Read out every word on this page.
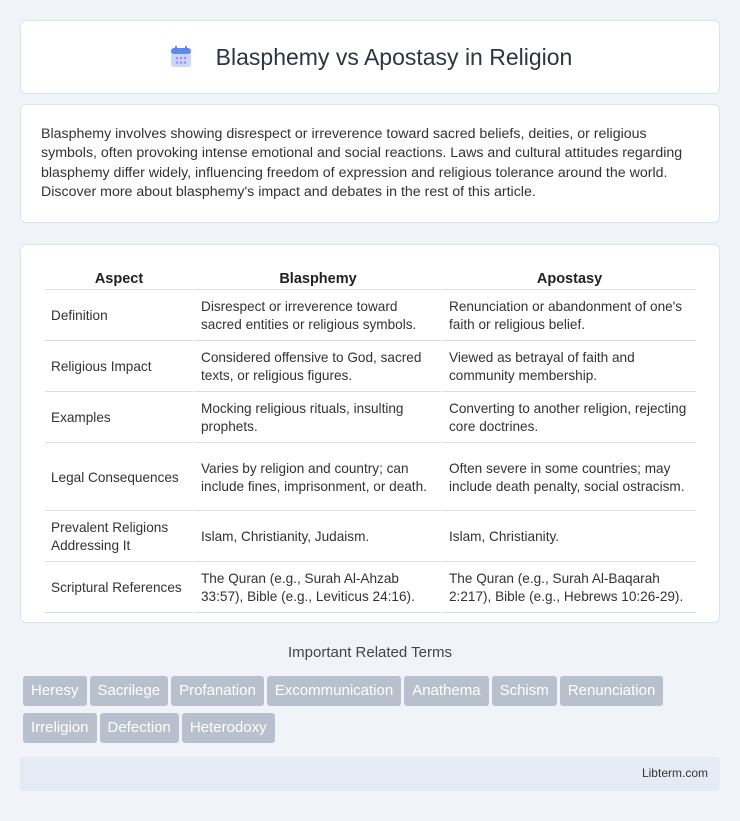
Blasphemy vs Apostasy in Religion

Blasphemy involves showing disrespect or irreverence toward sacred beliefs, deities, or religious symbols, often provoking intense emotional and social reactions. Laws and cultural attitudes regarding blasphemy differ widely, influencing freedom of expression and religious tolerance around the world. Discover more about blasphemy's impact and debates in the rest of this article.

Aspect	Blasphemy	Apostasy
Definition	Disrespect or irreverence toward sacred entities or religious symbols.	Renunciation or abandonment of one's faith or religious belief.
Religious Impact	Considered offensive to God, sacred texts, or religious figures.	Viewed as betrayal of faith and community membership.
Examples	Mocking religious rituals, insulting prophets.	Converting to another religion, rejecting core doctrines.
Legal Consequences	Varies by religion and country; can include fines, imprisonment, or death.	Often severe in some countries; may include death penalty, social ostracism.
Prevalent Religions Addressing It	Islam, Christianity, Judaism.	Islam, Christianity.
Scriptural References	The Quran (e.g., Surah Al-Ahzab 33:57), Bible (e.g., Leviticus 24:16).	The Quran (e.g., Surah Al-Baqarah 2:217), Bible (e.g., Hebrews 10:26-29).
Important Related Terms
Heresy Sacrilege Profanation Excommunication Anathema Schism Renunciation
Irreligion Defection Heterodoxy
Libterm.com
